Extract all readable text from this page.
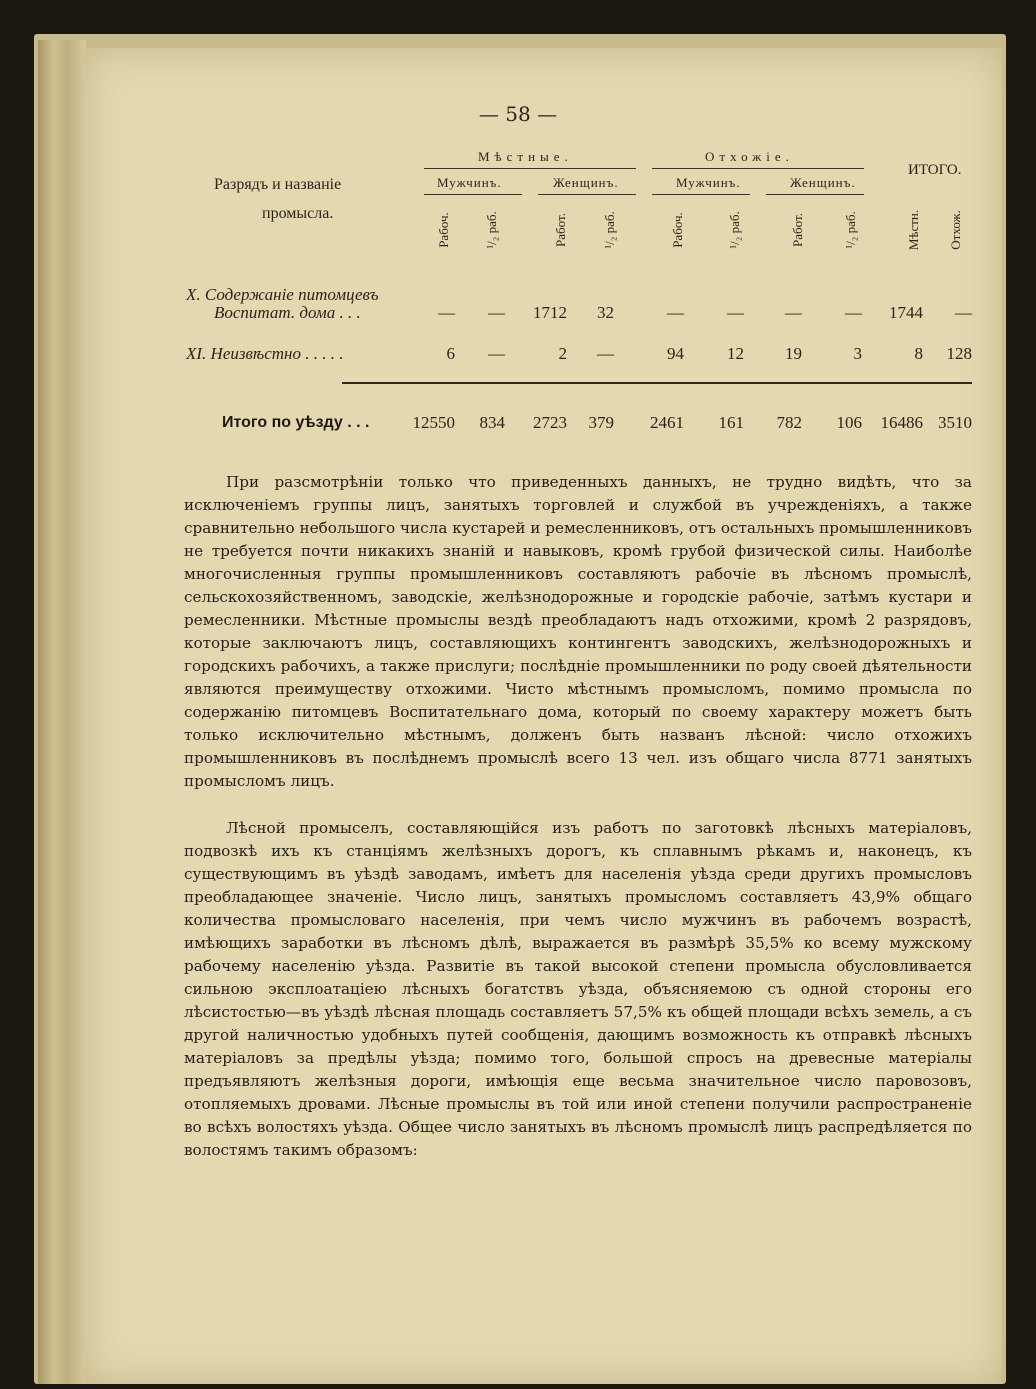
— 58 —
Разрядъ и названіе
промысла.
Мѣстные.	Отхожіе.
ИТОГО.
Мужчинъ.	Женщинъ.	Мужчинъ.	Женщинъ.
Рабоч.	¹/₂ раб.	Работ.	¹/₂ раб.	Рабоч.	¹/₂ раб.	Работ.	¹/₂ раб.	Мѣстн. Отхож.
X. Содержаніе питомцевъ
Воспитат. дома . . .	—	—	1712	32	—	—	—	—	1744	—
XI. Неизвѣстно . . . . .	6	—	2	—	94	12	19	3	8	128
Итого по уѣзду . . .	12550	834	2723	379	2461	161	782	106	16486 3510

При разсмотрѣніи только что приведенныхъ данныхъ, не трудно видѣть, что за исключеніемъ группы лицъ, занятыхъ торговлей и службой въ учрежденіяхъ, а также сравнительно небольшого числа кустарей и ремесленниковъ, отъ остальныхъ промышленниковъ не требуется почти никакихъ знаній и навыковъ, кромѣ грубой физической силы. Наиболѣе многочисленныя группы промышленниковъ составляютъ рабочіе въ лѣсномъ промыслѣ, сельскохозяйственномъ, заводскіе, желѣзнодорожные и городскіе рабочіе, затѣмъ кустари и ремесленники. Мѣстные промыслы вездѣ преобладаютъ надъ отхожими, кромѣ 2 разрядовъ, которые заключаютъ лицъ, составляющихъ контингентъ заводскихъ, желѣзнодорожныхъ и городскихъ рабочихъ, а также прислуги; послѣдніе промышленники по роду своей дѣятельности являются преимуществу отхожими. Чисто мѣстнымъ промысломъ, помимо промысла по содержанію питомцевъ Воспитательнаго дома, который по своему характеру можетъ быть только исключительно мѣстнымъ, долженъ быть названъ лѣсной: число отхожихъ промышленниковъ въ послѣднемъ промыслѣ всего 13 чел. изъ общаго числа 8771 занятыхъ промысломъ лицъ.

Лѣсной промыселъ, составляющійся изъ работъ по заготовкѣ лѣсныхъ матеріаловъ, подвозкѣ ихъ къ станціямъ желѣзныхъ дорогъ, къ сплавнымъ рѣкамъ и, наконецъ, къ существующимъ въ уѣздѣ заводамъ, имѣетъ для населенія уѣзда среди другихъ промысловъ преобладающее значеніе. Число лицъ, занятыхъ промысломъ составляетъ 43,9% общаго количества промысловаго населенія, при чемъ число мужчинъ въ рабочемъ возрастѣ, имѣющихъ заработки въ лѣсномъ дѣлѣ, выражается въ размѣрѣ 35,5% ко всему мужскому рабочему населенію уѣзда. Развитіе въ такой высокой степени промысла обусловливается сильною эксплоатаціею лѣсныхъ богатствъ уѣзда, объясняемою съ одной стороны его лѣсистостью—въ уѣздѣ лѣсная площадь составляетъ 57,5% къ общей площади всѣхъ земель, а съ другой наличностью удобныхъ путей сообщенія, дающимъ возможность къ отправкѣ лѣсныхъ матеріаловъ за предѣлы уѣзда; помимо того, большой спросъ на древесные матеріалы предъявляютъ желѣзныя дороги, имѣющія еще весьма значительное число паровозовъ, отопляемыхъ дровами. Лѣсные промыслы въ той или иной степени получили распространеніе во всѣхъ волостяхъ уѣзда. Общее число занятыхъ въ лѣсномъ промыслѣ лицъ распредѣляется по волостямъ такимъ образомъ:
